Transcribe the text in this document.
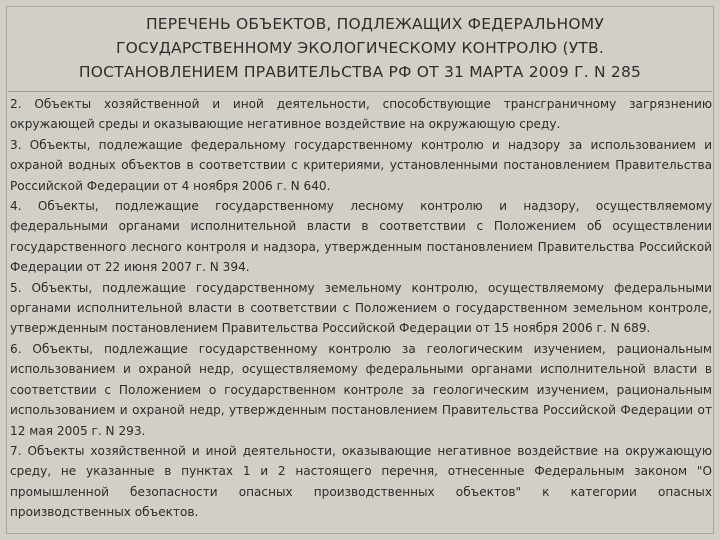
ПЕРЕЧЕНЬ ОБЪЕКТОВ, ПОДЛЕЖАЩИХ ФЕДЕРАЛЬНОМУ
ГОСУДАРСТВЕННОМУ ЭКОЛОГИЧЕСКОМУ КОНТРОЛЮ (УТВ.
ПОСТАНОВЛЕНИЕМ ПРАВИТЕЛЬСТВА РФ ОТ 31 МАРТА 2009 Г. N 285

2. Объекты хозяйственной и иной деятельности, способствующие трансграничному загрязнению окружающей среды и оказывающие негативное воздействие на окружающую среду.

3. Объекты, подлежащие федеральному государственному контролю и надзору за использованием и охраной водных объектов в соответствии с критериями, установленными постановлением Правительства Российской Федерации от 4 ноября 2006 г. N 640.

4. Объекты, подлежащие государственному лесному контролю и надзору, осуществляемому федеральными органами исполнительной власти в соответствии с Положением об осуществлении государственного лесного контроля и надзора, утвержденным постановлением Правительства Российской Федерации от 22 июня 2007 г. N 394.

5. Объекты, подлежащие государственному земельному контролю, осуществляемому федеральными органами исполнительной власти в соответствии с Положением о государственном земельном контроле, утвержденным постановлением Правительства Российской Федерации от 15 ноября 2006 г. N 689.

6. Объекты, подлежащие государственному контролю за геологическим изучением, рациональным использованием и охраной недр, осуществляемому федеральными органами исполнительной власти в соответствии с Положением о государственном контроле за геологическим изучением, рациональным использованием и охраной недр, утвержденным постановлением Правительства Российской Федерации от 12 мая 2005 г. N 293.

7. Объекты хозяйственной и иной деятельности, оказывающие негативное воздействие на окружающую среду, не указанные в пунктах 1 и 2 настоящего перечня, отнесенные Федеральным законом "О промышленной безопасности опасных производственных объектов" к категории опасных производственных объектов.
